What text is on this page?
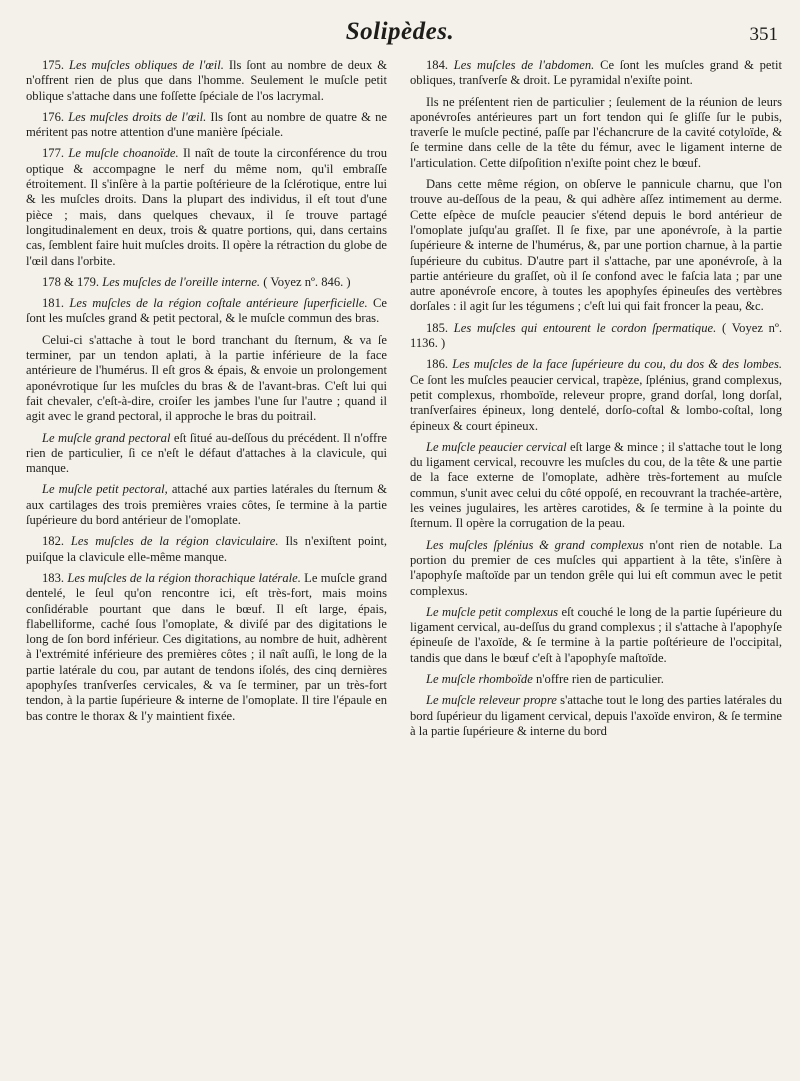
Solipèdes.	351

175. Les muſcles obliques de l'œil. Ils ſont au nombre de deux & n'offrent rien de plus que dans l'homme. Seulement le muſcle petit oblique s'attache dans une foſſette ſpéciale de l'os lacrymal.

176. Les muſcles droits de l'œil. Ils ſont au nombre de quatre & ne méritent pas notre attention d'une manière ſpéciale.

177. Le muſcle choanoïde. Il naît de toute la circonférence du trou optique & accompagne le nerf du même nom, qu'il embraſſe étroitement. Il s'inſère à la partie poſtérieure de la ſclérotique, entre lui & les muſcles droits. Dans la plupart des individus, il eſt tout d'une pièce ; mais, dans quelques chevaux, il ſe trouve partagé longitudinalement en deux, trois & quatre portions, qui, dans certains cas, ſemblent faire huit muſcles droits. Il opère la rétraction du globe de l'œil dans l'orbite.

178 & 179. Les muſcles de l'oreille interne. ( Voyez nº. 846. )

181. Les muſcles de la région coſtale antérieure ſuperficielle. Ce ſont les muſcles grand & petit pectoral, & le muſcle commun des bras.

Celui-ci s'attache à tout le bord tranchant du ſternum, & va ſe terminer, par un tendon aplati, à la partie inférieure de la face antérieure de l'humérus. Il eſt gros & épais, & envoie un prolongement aponévrotique ſur les muſcles du bras & de l'avant-bras. C'eſt lui qui fait chevaler, c'eſt-à-dire, croiſer les jambes l'une ſur l'autre ; quand il agit avec le grand pectoral, il approche le bras du poitrail.

Le muſcle grand pectoral eſt ſitué au-deſſous du précédent. Il n'offre rien de particulier, ſi ce n'eſt le défaut d'attaches à la clavicule, qui manque.

Le muſcle petit pectoral, attaché aux parties latérales du ſternum & aux cartilages des trois premières vraies côtes, ſe termine à la partie ſupérieure du bord antérieur de l'omoplate.

182. Les muſcles de la région claviculaire. Ils n'exiſtent point, puiſque la clavicule elle-même manque.

183. Les muſcles de la région thorachique latérale. Le muſcle grand dentelé, le ſeul qu'on rencontre ici, eſt très-fort, mais moins conſidérable pourtant que dans le bœuf. Il eſt large, épais, flabelliforme, caché ſous l'omoplate, & diviſé par des digitations le long de ſon bord inférieur. Ces digitations, au nombre de huit, adhèrent à l'extrémité inférieure des premières côtes ; il naît auſſi, le long de la partie latérale du cou, par autant de tendons iſolés, des cinq dernières apophyſes tranſverſes cervicales, & va ſe terminer, par un très-fort tendon, à la partie ſupérieure & interne de l'omoplate. Il tire l'épaule en bas contre le thorax & l'y maintient fixée.

184. Les muſcles de l'abdomen. Ce ſont les muſcles grand & petit obliques, tranſverſe & droit. Le pyramidal n'exiſte point.

Ils ne préſentent rien de particulier ; ſeulement de la réunion de leurs aponévroſes antérieures part un fort tendon qui ſe gliſſe ſur le pubis, traverſe le muſcle pectiné, paſſe par l'échancrure de la cavité cotyloïde, & ſe termine dans celle de la tête du fémur, avec le ligament interne de l'articulation. Cette diſpoſition n'exiſte point chez le bœuf.

Dans cette même région, on obſerve le pannicule charnu, que l'on trouve au-deſſous de la peau, & qui adhère aſſez intimement au derme. Cette eſpèce de muſcle peaucier s'étend depuis le bord antérieur de l'omoplate juſqu'au graſſet. Il ſe fixe, par une aponévroſe, à la partie ſupérieure & interne de l'humérus, &, par une portion charnue, à la partie ſupérieure du cubitus. D'autre part il s'attache, par une aponévroſe, à la partie antérieure du graſſet, où il ſe confond avec le faſcia lata ; par une autre aponévroſe encore, à toutes les apophyſes épineuſes des vertèbres dorſales : il agit ſur les tégumens ; c'eſt lui qui fait froncer la peau, &c.

185. Les muſcles qui entourent le cordon ſpermatique. ( Voyez nº. 1136. )

186. Les muſcles de la face ſupérieure du cou, du dos & des lombes. Ce ſont les muſcles peaucier cervical, trapèze, ſplénius, grand complexus, petit complexus, rhomboïde, releveur propre, grand dorſal, long dorſal, tranſverſaires épineux, long dentelé, dorſo-coſtal & lombo-coſtal, long épineux & court épineux.

Le muſcle peaucier cervical eſt large & mince ; il s'attache tout le long du ligament cervical, recouvre les muſcles du cou, de la tête & une partie de la face externe de l'omoplate, adhère très-fortement au muſcle commun, s'unit avec celui du côté oppoſé, en recouvrant la trachée-artère, les veines jugulaires, les artères carotides, & ſe termine à la pointe du ſternum. Il opère la corrugation de la peau.

Les muſcles ſplénius & grand complexus n'ont rien de notable. La portion du premier de ces muſcles qui appartient à la tête, s'inſère à l'apophyſe maſtoïde par un tendon grêle qui lui eſt commun avec le petit complexus.

Le muſcle petit complexus eſt couché le long de la partie ſupérieure du ligament cervical, au-deſſus du grand complexus ; il s'attache à l'apophyſe épineuſe de l'axoïde, & ſe termine à la partie poſtérieure de l'occipital, tandis que dans le bœuf c'eſt à l'apophyſe maſtoïde.

Le muſcle rhomboïde n'offre rien de particulier.

Le muſcle releveur propre s'attache tout le long des parties latérales du bord ſupérieur du ligament cervical, depuis l'axoïde environ, & ſe termine à la partie ſupérieure & interne du bord
